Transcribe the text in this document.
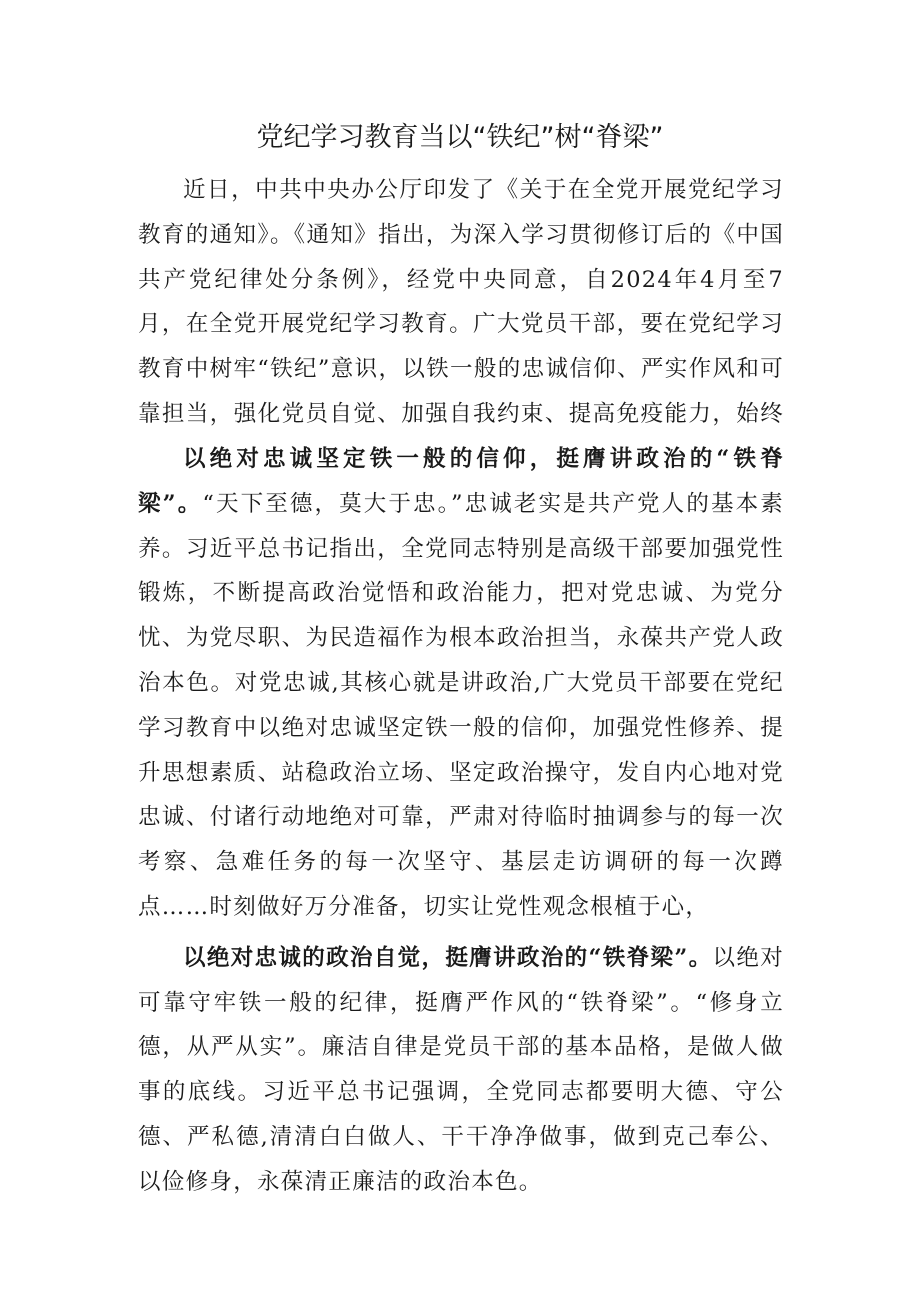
党纪学习教育当以“铁纪”树“脊梁”

近日，中共中央办公厅印发了《关于在全党开展党纪学习教育的通知》。《通知》指出，为深入学习贯彻修订后的《中国共产党纪律处分条例》，经党中央同意，自2024年4月至7月，在全党开展党纪学习教育。广大党员干部，要在党纪学习教育中树牢“铁纪”意识，以铁一般的忠诚信仰、严实作风和可靠担当，强化党员自觉、加强自我约束、提高免疫能力，始终

以绝对忠诚坚定铁一般的信仰，挺膺讲政治的“铁脊梁”。“天下至德，莫大于忠。”忠诚老实是共产党人的基本素养。习近平总书记指出，全党同志特别是高级干部要加强党性锻炼，不断提高政治觉悟和政治能力，把对党忠诚、为党分忧、为党尽职、为民造福作为根本政治担当，永葆共产党人政治本色。对党忠诚,其核心就是讲政治,广大党员干部要在党纪学习教育中以绝对忠诚坚定铁一般的信仰，加强党性修养、提升思想素质、站稳政治立场、坚定政治操守，发自内心地对党忠诚、付诸行动地绝对可靠，严肃对待临时抽调参与的每一次考察、急难任务的每一次坚守、基层走访调研的每一次蹲点……时刻做好万分准备，切实让党性观念根植于心，

以绝对忠诚的政治自觉，挺膺讲政治的“铁脊梁”。以绝对可靠守牢铁一般的纪律，挺膺严作风的“铁脊梁”。“修身立德，从严从实”。廉洁自律是党员干部的基本品格，是做人做事的底线。习近平总书记强调，全党同志都要明大德、守公德、严私德,清清白白做人、干干净净做事，做到克己奉公、以俭修身，永葆清正廉洁的政治本色。
